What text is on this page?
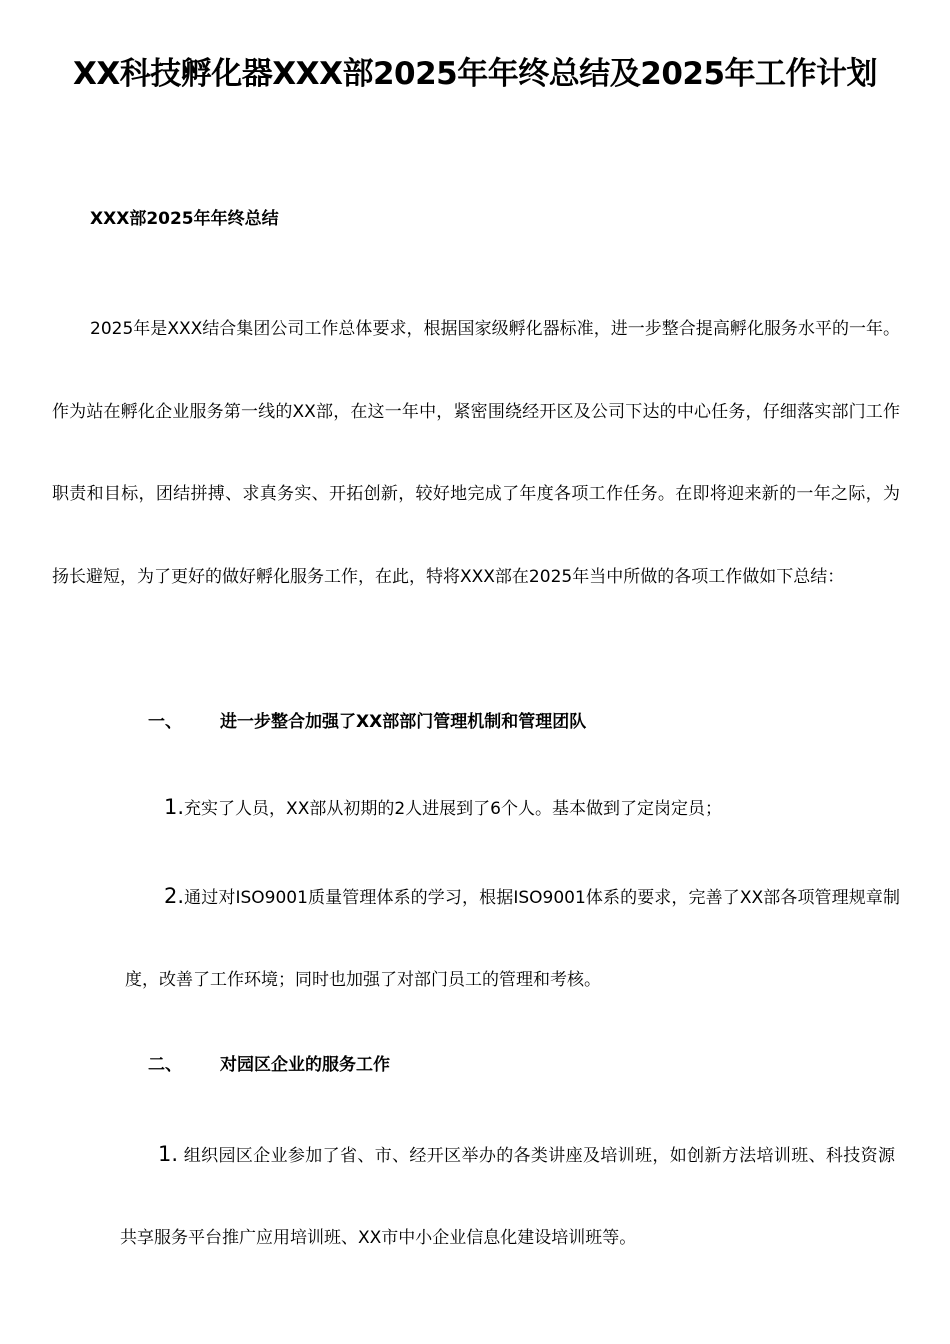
XX科技孵化器XXX部2025年年终总结及2025年工作计划
XXX部2025年年终总结

2025年是XXX结合集团公司工作总体要求，根据国家级孵化器标准，进一步整合提高孵化服务水平的一年。作为站在孵化企业服务第一线的XX部，在这一年中，紧密围绕经开区及公司下达的中心任务，仔细落实部门工作职责和目标，团结拼搏、求真务实、开拓创新，较好地完成了年度各项工作任务。在即将迎来新的一年之际，为扬长避短，为了更好的做好孵化服务工作，在此，特将XXX部在2025年当中所做的各项工作做如下总结：

一、 进一步整合加强了XX部部门管理机制和管理团队
1.充实了人员，XX部从初期的2人进展到了6个人。基本做到了定岗定员；

2.通过对ISO9001质量管理体系的学习，根据ISO9001体系的要求，完善了XX部各项管理规章制度，改善了工作环境；同时也加强了对部门员工的管理和考核。

二、 对园区企业的服务工作

1. 组织园区企业参加了省、市、经开区举办的各类讲座及培训班，如创新方法培训班、科技资源共享服务平台推广应用培训班、XX市中小企业信息化建设培训班等。
